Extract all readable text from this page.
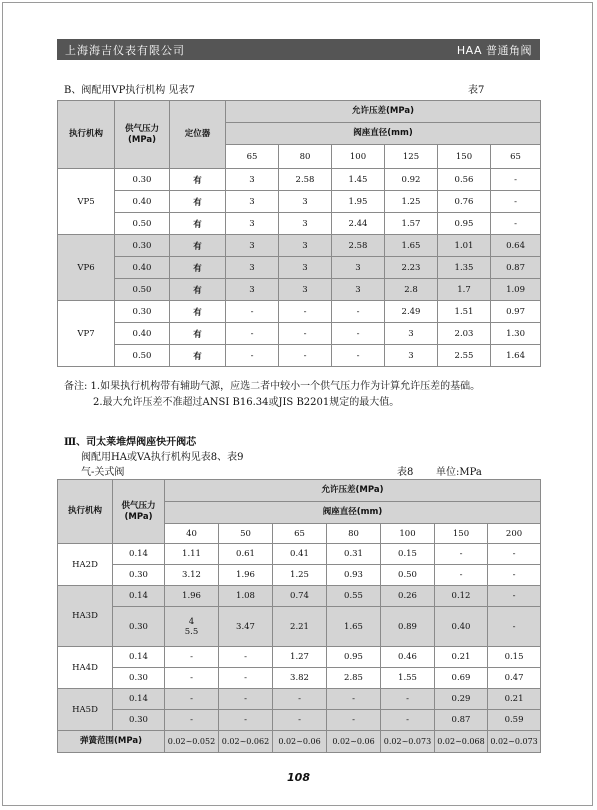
上海海吉仪表有限公司	HAA 普通角阀
B、阀配用VP执行机构 见表7	表7
执行机构	供气压力(MPa)	定位器	允许压差(MPa)					
			阀座直径(mm)					
			65	80	100	125	150	65
VP5	0.30	有	3	2.58	1.45	0.92	0.56	-
	0.40	有	3	3	1.95	1.25	0.76	-
	0.50	有	3	3	2.44	1.57	0.95	-
VP6	0.30	有	3	3	2.58	1.65	1.01	0.64
	0.40	有	3	3	3	2.23	1.35	0.87
	0.50	有	3	3	3	2.8	1.7	1.09
VP7	0.30	有	-	-	-	2.49	1.51	0.97
	0.40	有	-	-	-	3	2.03	1.30
	0.50	有	-	-	-	3	2.55	1.64
备注: 1.如果执行机构带有辅助气源，应选二者中较小一个供气压力作为计算允许压差的基础。
2.最大允许压差不准超过ANSI B16.34或JIS B2201规定的最大值。
Ⅲ、司太莱堆焊阀座快开阀芯
阀配用HA或VA执行机构见表8、表9
气-关式阀	表8 单位:MPa
执行机构	供气压力(MPa)	允许压差(MPa)						
		阀座直径(mm)						
		40	50	65	80	100	150	200
HA2D	0.14	1.11	0.61	0.41	0.31	0.15	-	-
	0.30	3.12	1.96	1.25	0.93	0.50	-	-
HA3D	0.14	1.96	1.08	0.74	0.55	0.26	0.12	-
	0.30	4
5.5	3.47	2.21	1.65	0.89	0.40	-
HA4D	0.14	-	-	1.27	0.95	0.46	0.21	0.15
	0.30	-	-	3.82	2.85	1.55	0.69	0.47
HA5D	0.14	-	-	-	-	-	0.29	0.21
	0.30	-	-	-	-	-	0.87	0.59
弹簧范围(MPa)		0.02~0.052	0.02~0.062	0.02~0.06	0.02~0.06	0.02~0.073	0.02~0.068	0.02~0.073
108
